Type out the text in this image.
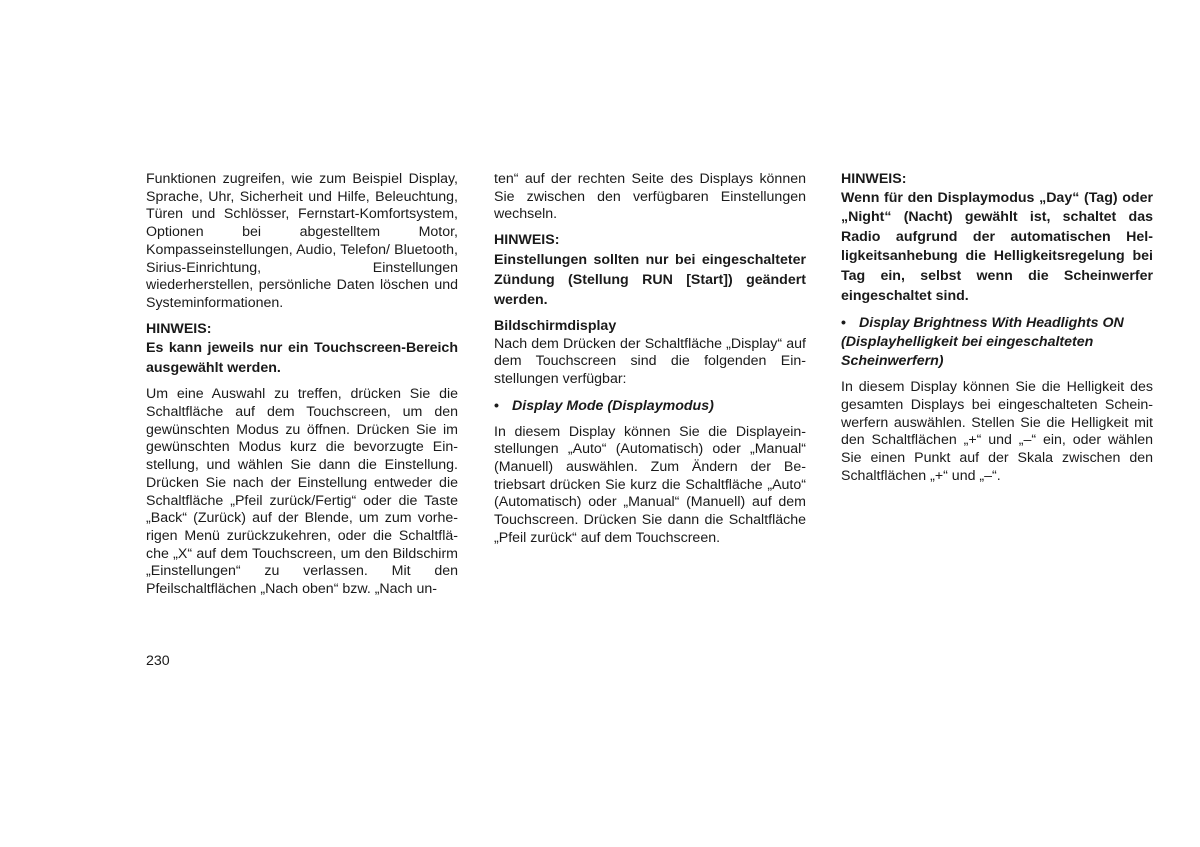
Funktionen zugreifen, wie zum Beispiel Display, Sprache, Uhr, Sicherheit und Hilfe, Beleuchtung, Türen und Schlösser, Fernstart-Komfortsystem, Optionen bei abgestelltem Motor, Kompasseinstellungen, Audio, Telefon/ Bluetooth, Sirius-Einrichtung, Einstellungen wiederherstellen, persönliche Daten löschen und Systeminformationen.

HINWEIS:

Es kann jeweils nur ein Touchscreen-Bereich ausgewählt werden.

Um eine Auswahl zu treffen, drücken Sie die Schaltfläche auf dem Touchscreen, um den gewünschten Modus zu öffnen. Drücken Sie im gewünschten Modus kurz die bevorzugte Einstellung, und wählen Sie dann die Einstellung. Drücken Sie nach der Einstellung entweder die Schaltfläche „Pfeil zurück/Fertig“ oder die Taste „Back“ (Zurück) auf der Blende, um zum vorherigen Menü zurückzukehren, oder die Schaltfläche „X“ auf dem Touchscreen, um den Bildschirm „Einstellungen“ zu verlassen. Mit den Pfeilschaltflächen „Nach oben“ bzw. „Nach un-

ten“ auf der rechten Seite des Displays können Sie zwischen den verfügbaren Einstellungen wechseln.

HINWEIS:

Einstellungen sollten nur bei eingeschalteter Zündung (Stellung RUN [Start]) geändert werden.

Bildschirmdisplay

Nach dem Drücken der Schaltfläche „Display“ auf dem Touchscreen sind die folgenden Einstellungen verfügbar:

• Display Mode (Displaymodus)

In diesem Display können Sie die Displayeinstellungen „Auto“ (Automatisch) oder „Manual“ (Manuell) auswählen. Zum Ändern der Betriebsart drücken Sie kurz die Schaltfläche „Auto“ (Automatisch) oder „Manual“ (Manuell) auf dem Touchscreen. Drücken Sie dann die Schaltfläche „Pfeil zurück“ auf dem Touchscreen.

HINWEIS:

Wenn für den Displaymodus „Day“ (Tag) oder „Night“ (Nacht) gewählt ist, schaltet das Radio aufgrund der automatischen Helligkeitsanhebung die Helligkeitsregelung bei Tag ein, selbst wenn die Scheinwerfer eingeschaltet sind.

• Display Brightness With Headlights ON (Displayhelligkeit bei eingeschalteten Scheinwerfern)

In diesem Display können Sie die Helligkeit des gesamten Displays bei eingeschalteten Scheinwerfern auswählen. Stellen Sie die Helligkeit mit den Schaltflächen „+“ und „–“ ein, oder wählen Sie einen Punkt auf der Skala zwischen den Schaltflächen „+“ und „–“.

230
